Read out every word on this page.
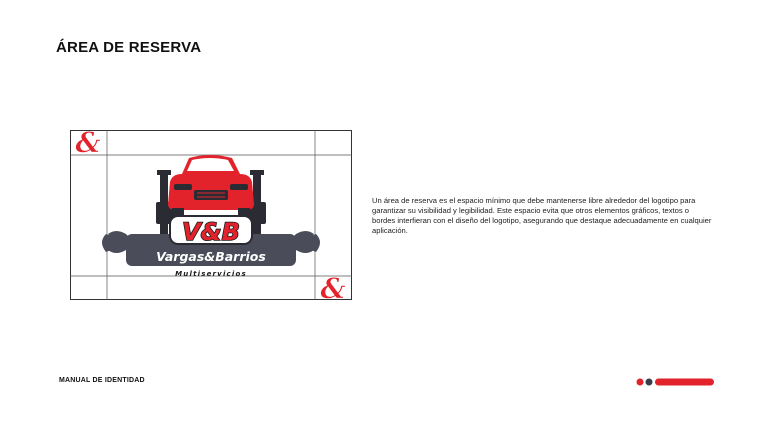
ÁREA DE RESERVA
&
&
V&B
Vargas&Barrios
Multiservicios
Un área de reserva es el espacio mínimo que debe mantenerse libre alrededor del logotipo para garantizar su visibilidad y legibilidad. Este espacio evita que otros elementos gráficos, textos o bordes interfieran con el diseño del logotipo, asegurando que destaque adecuadamente en cualquier aplicación.
MANUAL DE IDENTIDAD
